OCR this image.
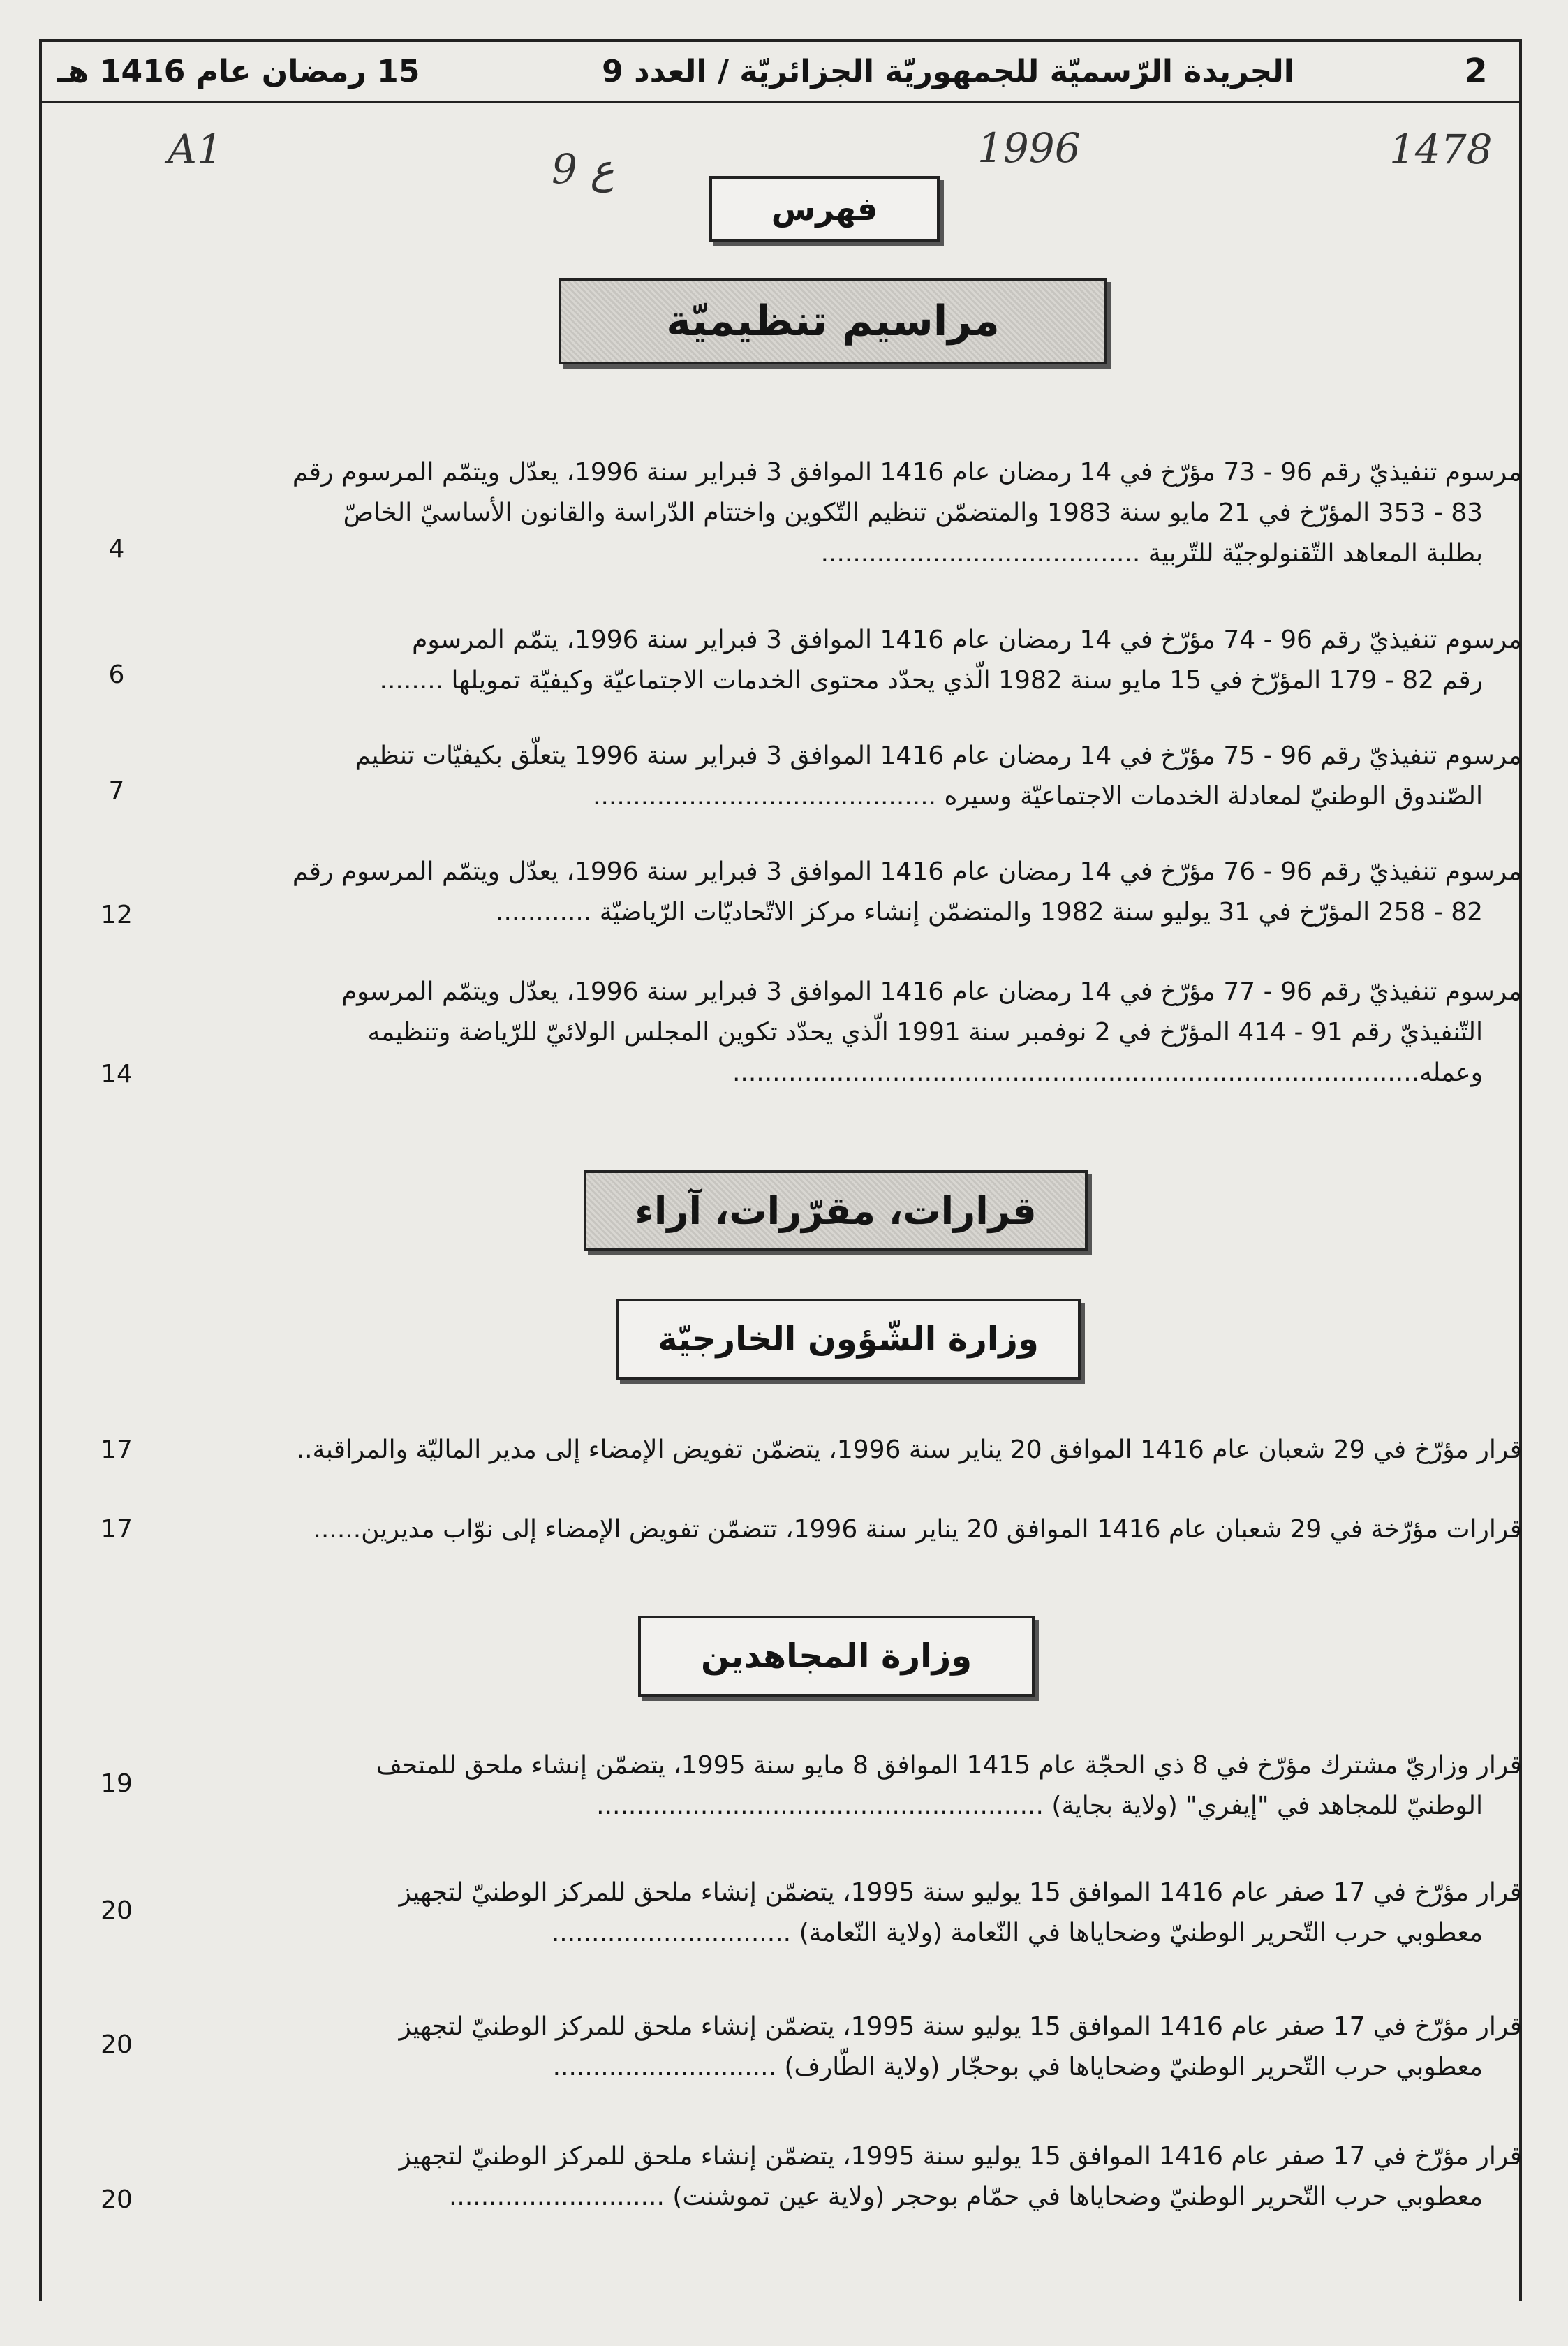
2
الجريدة الرّسميّة للجمهوريّة الجزائريّة / العدد 9
15 رمضان عام 1416 هـ
1478
1996
ع 9
A1
فهرس
مراسيم تنظيميّة
مرسوم تنفيذيّ رقم 96 - 73 مؤرّخ في 14 رمضان عام 1416 الموافق 3 فبراير سنة 1996، يعدّل ويتمّم المرسوم رقم
83 - 353 المؤرّخ في 21 مايو سنة 1983 والمتضمّن تنظيم التّكوين واختتام الدّراسة والقانون الأساسيّ الخاصّ
بطلبة المعاهد التّقنولوجيّة للتّربية ........................................
4
مرسوم تنفيذيّ رقم 96 - 74 مؤرّخ في 14 رمضان عام 1416 الموافق 3 فبراير سنة 1996، يتمّم المرسوم
رقم 82 - 179 المؤرّخ في 15 مايو سنة 1982 الّذي يحدّد محتوى الخدمات الاجتماعيّة وكيفيّة تمويلها ........
6
مرسوم تنفيذيّ رقم 96 - 75 مؤرّخ في 14 رمضان عام 1416 الموافق 3 فبراير سنة 1996 يتعلّق بكيفيّات تنظيم
الصّندوق الوطنيّ لمعادلة الخدمات الاجتماعيّة وسيره ...........................................
7
مرسوم تنفيذيّ رقم 96 - 76 مؤرّخ في 14 رمضان عام 1416 الموافق 3 فبراير سنة 1996، يعدّل ويتمّم المرسوم رقم
82 - 258 المؤرّخ في 31 يوليو سنة 1982 والمتضمّن إنشاء مركز الاتّحاديّات الرّياضيّة ............
12
مرسوم تنفيذيّ رقم 96 - 77 مؤرّخ في 14 رمضان عام 1416 الموافق 3 فبراير سنة 1996، يعدّل ويتمّم المرسوم
التّنفيذيّ رقم 91 - 414 المؤرّخ في 2 نوفمبر سنة 1991 الّذي يحدّد تكوين المجلس الولائيّ للرّياضة وتنظيمه
وعمله......................................................................................
14
قرارات، مقرّرات، آراء
وزارة الشّؤون الخارجيّة
قرار مؤرّخ في 29 شعبان عام 1416 الموافق 20 يناير سنة 1996، يتضمّن تفويض الإمضاء إلى مدير الماليّة والمراقبة..
17
قرارات مؤرّخة في 29 شعبان عام 1416 الموافق 20 يناير سنة 1996، تتضمّن تفويض الإمضاء إلى نوّاب مديرين......
17
وزارة المجاهدين
قرار وزاريّ مشترك مؤرّخ في 8 ذي الحجّة عام 1415 الموافق 8 مايو سنة 1995، يتضمّن إنشاء ملحق للمتحف
الوطنيّ للمجاهد في "إيفري" (ولاية بجاية) ........................................................
19
قرار مؤرّخ في 17 صفر عام 1416 الموافق 15 يوليو سنة 1995، يتضمّن إنشاء ملحق للمركز الوطنيّ لتجهيز
معطوبي حرب التّحرير الوطنيّ وضحاياها في النّعامة (ولاية النّعامة) ..............................
20
قرار مؤرّخ في 17 صفر عام 1416 الموافق 15 يوليو سنة 1995، يتضمّن إنشاء ملحق للمركز الوطنيّ لتجهيز
معطوبي حرب التّحرير الوطنيّ وضحاياها في بوحجّار (ولاية الطّارف) ............................
20
قرار مؤرّخ في 17 صفر عام 1416 الموافق 15 يوليو سنة 1995، يتضمّن إنشاء ملحق للمركز الوطنيّ لتجهيز
معطوبي حرب التّحرير الوطنيّ وضحاياها في حمّام بوحجر (ولاية عين تموشنت) ...........................
20
